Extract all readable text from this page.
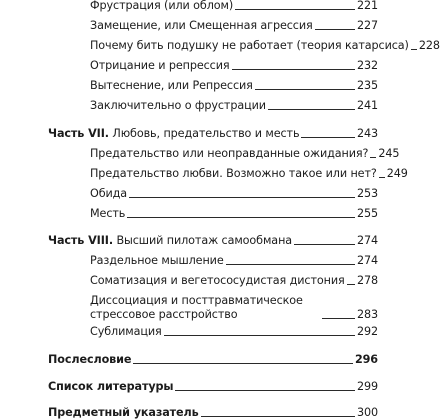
Фрустрация (или облом)	221
Замещение, или Смещенная агрессия	227
Почему бить подушку не работает (теория катарсиса) 228
Отрицание и репрессия	232
Вытеснение, или Репрессия	235
Заключительно о фрустрации	241
Часть VII. Любовь, предательство и месть	243
Предательство или неоправданные ожидания? 245
Предательство любви. Возможно такое или нет? 249
Обида	253
Месть	255
Часть VIII. Высший пилотаж самообмана	274
Раздельное мышление	274
Соматизация и вегетососудистая дистония 278
Диссоциация и посттравматическое стрессовое расстройство	283
Сублимация	292
Послесловие	296
Список литературы	299
Предметный указатель	300
